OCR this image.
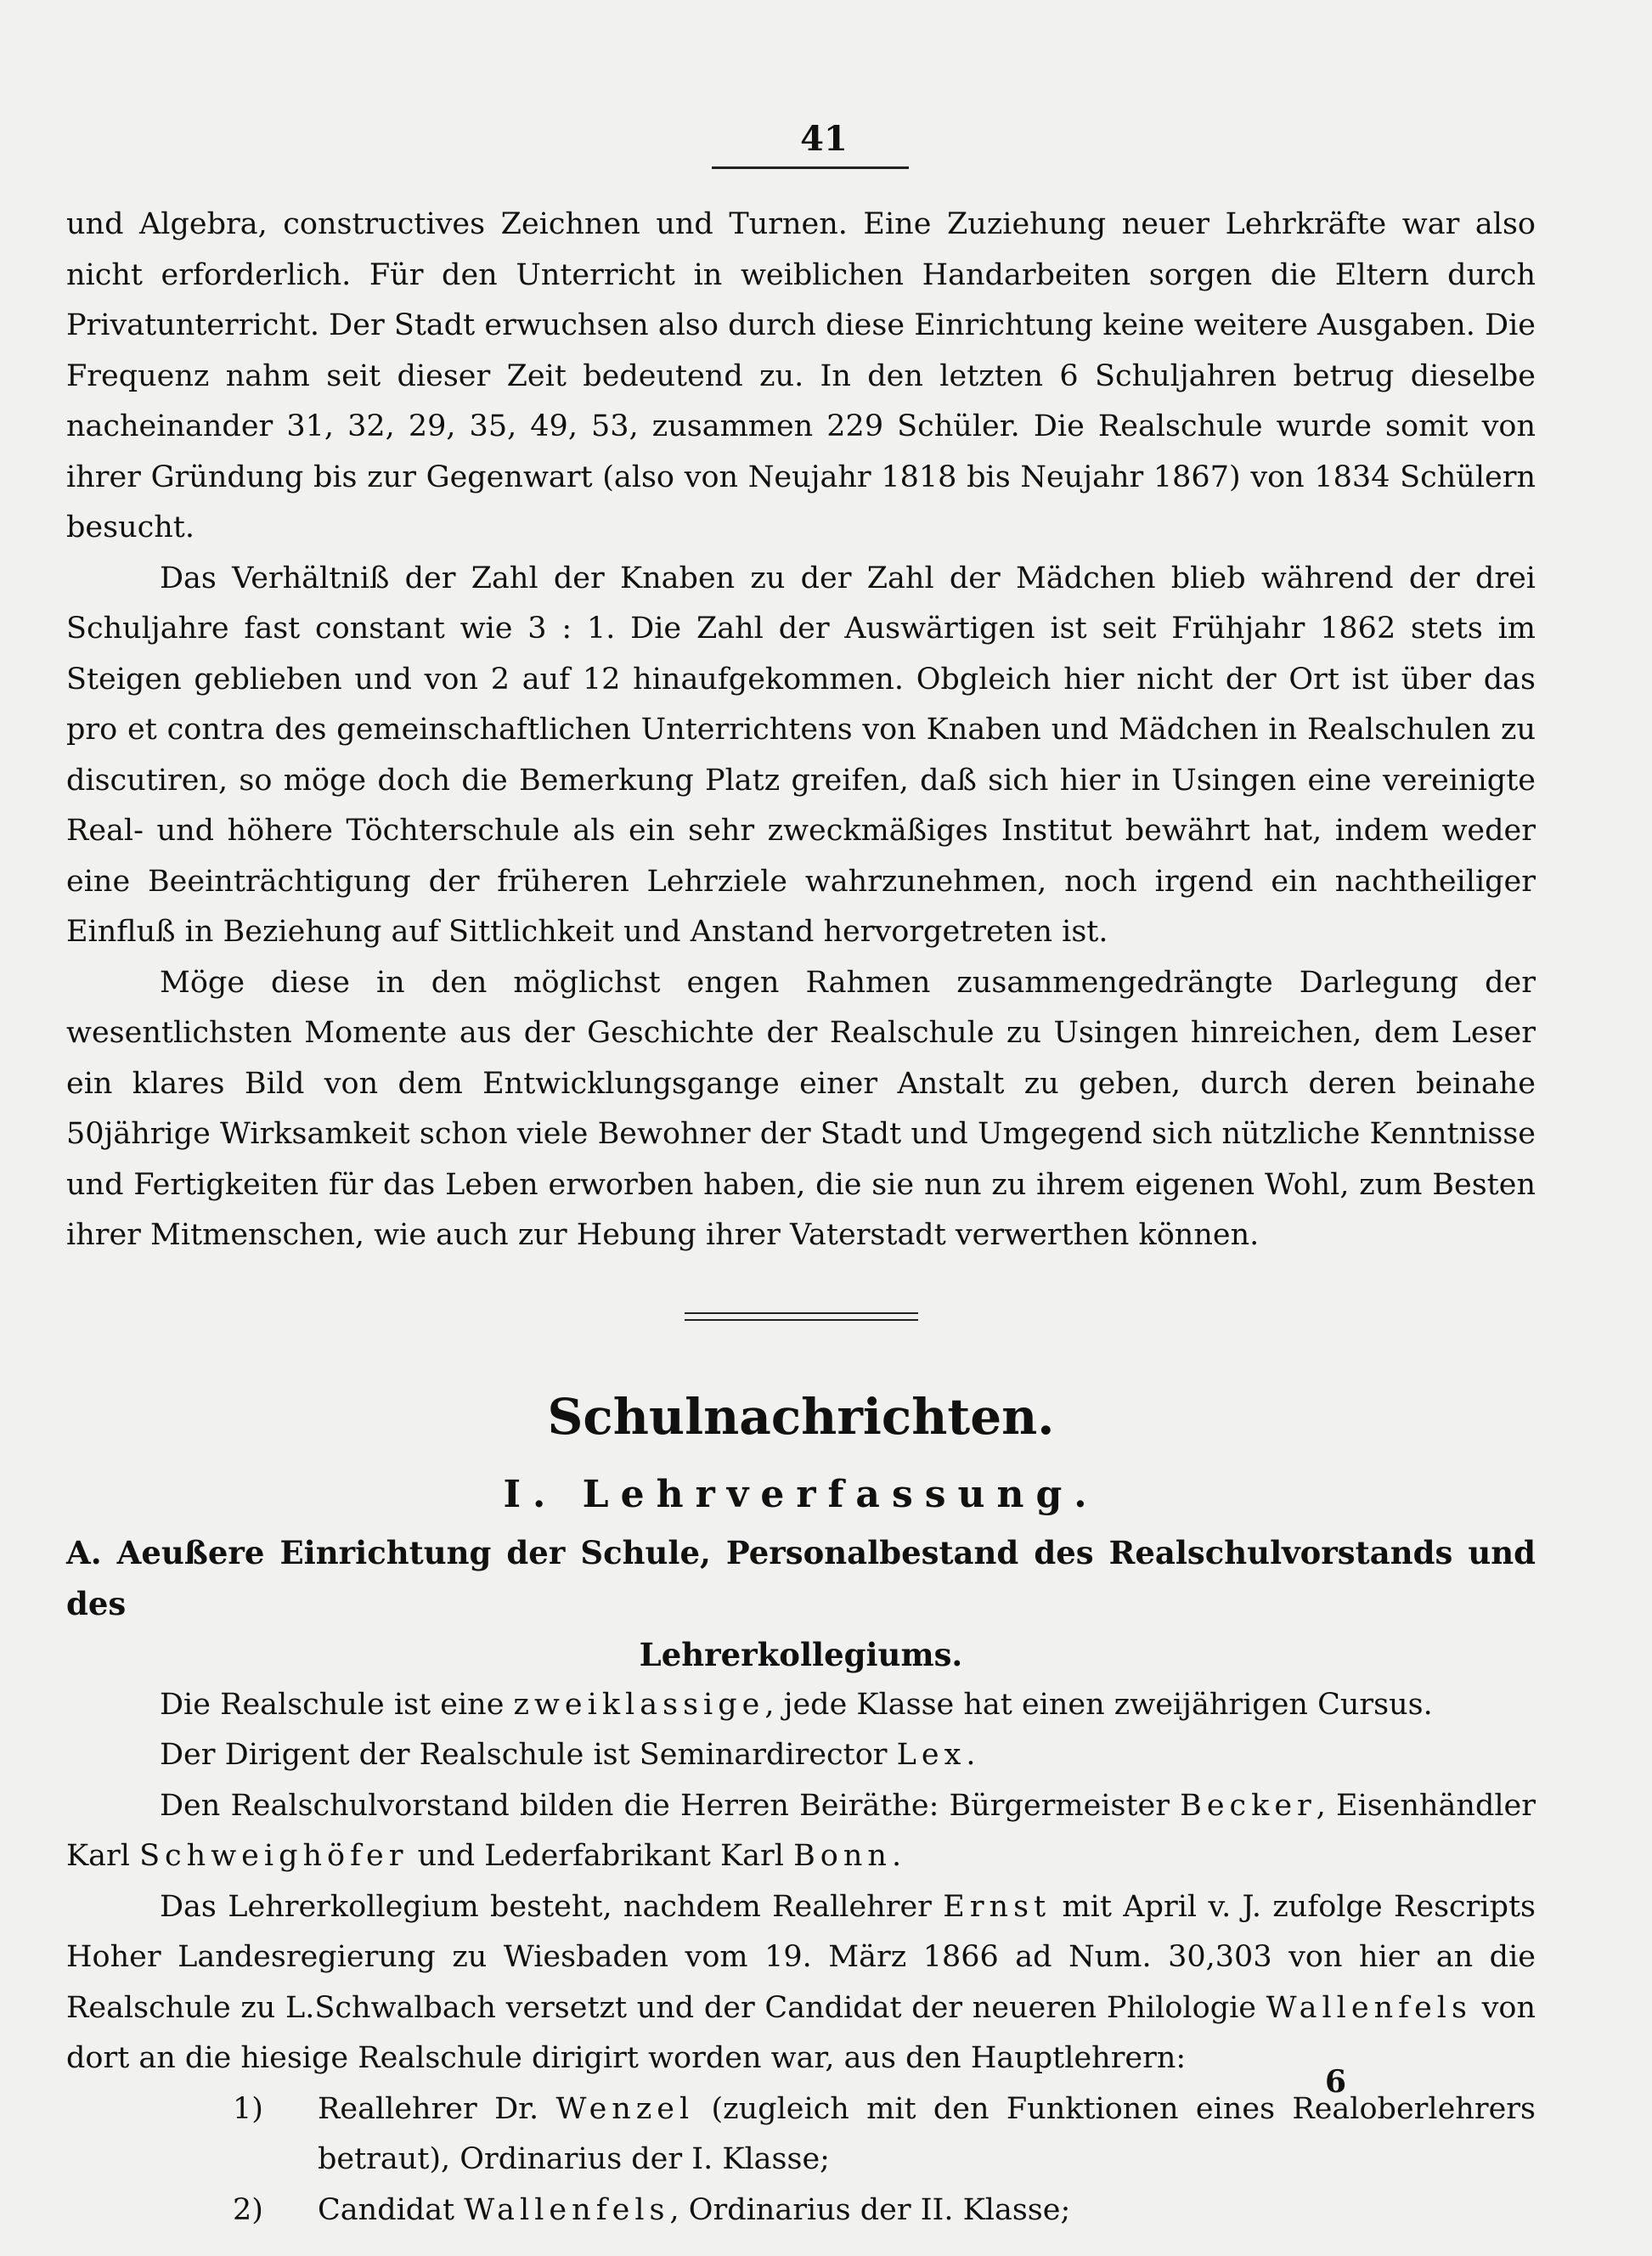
41

und Algebra, constructives Zeichnen und Turnen. Eine Zuziehung neuer Lehrkräfte war also nicht erforderlich. Für den Unterricht in weiblichen Handarbeiten sorgen die Eltern durch Privatunterricht. Der Stadt erwuchsen also durch diese Einrichtung keine weitere Ausgaben. Die Frequenz nahm seit dieser Zeit bedeutend zu. In den letzten 6 Schuljahren betrug dieselbe nacheinander 31, 32, 29, 35, 49, 53, zusammen 229 Schüler. Die Realschule wurde somit von ihrer Gründung bis zur Gegenwart (also von Neujahr 1818 bis Neujahr 1867) von 1834 Schülern besucht.

Das Verhältniß der Zahl der Knaben zu der Zahl der Mädchen blieb während der drei Schuljahre fast constant wie 3 : 1. Die Zahl der Auswärtigen ist seit Frühjahr 1862 stets im Steigen geblieben und von 2 auf 12 hinaufgekommen. Obgleich hier nicht der Ort ist über das pro et contra des gemeinschaftlichen Unterrichtens von Knaben und Mädchen in Realschulen zu discutiren, so möge doch die Bemerkung Platz greifen, daß sich hier in Usingen eine vereinigte Real- und höhere Töchterschule als ein sehr zweckmäßiges Institut bewährt hat, indem weder eine Beeinträchtigung der früheren Lehrziele wahrzunehmen, noch irgend ein nachtheiliger Einfluß in Beziehung auf Sittlichkeit und Anstand hervorgetreten ist.

Möge diese in den möglichst engen Rahmen zusammengedrängte Darlegung der wesentlichsten Momente aus der Geschichte der Realschule zu Usingen hinreichen, dem Leser ein klares Bild von dem Entwicklungsgange einer Anstalt zu geben, durch deren beinahe 50jährige Wirksamkeit schon viele Bewohner der Stadt und Umgegend sich nützliche Kenntnisse und Fertigkeiten für das Leben erworben haben, die sie nun zu ihrem eigenen Wohl, zum Besten ihrer Mitmenschen, wie auch zur Hebung ihrer Vaterstadt verwerthen können.

Schulnachrichten.
I. Lehrverfassung.
A. Aeußere Einrichtung der Schule, Personalbestand des Realschulvorstands und des
Lehrerkollegiums.

Die Realschule ist eine zweiklassige, jede Klasse hat einen zweijährigen Cursus.

Der Dirigent der Realschule ist Seminardirector Lex.

Den Realschulvorstand bilden die Herren Beiräthe: Bürgermeister Becker, Eisenhändler Karl Schweighöfer und Lederfabrikant Karl Bonn.

Das Lehrerkollegium besteht, nachdem Reallehrer Ernst mit April v. J. zufolge Rescripts Hoher Landesregierung zu Wiesbaden vom 19. März 1866 ad Num. 30,303 von hier an die Realschule zu L.Schwalbach versetzt und der Candidat der neueren Philologie Wallenfels von dort an die hiesige Realschule dirigirt worden war, aus den Hauptlehrern:

1) Reallehrer Dr. Wenzel (zugleich mit den Funktionen eines Realoberlehrers betraut), Ordinarius der I. Klasse;
2) Candidat Wallenfels, Ordinarius der II. Klasse;
6
